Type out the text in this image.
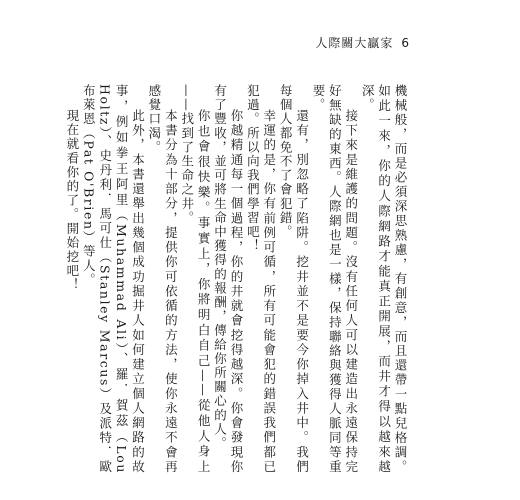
人際關大贏家 6

機械般，而是必須深思熟慮，有創意，而且還帶一點兒格調。如此一來，你的人際網路才能真正開展，而井才得以越來越深。

接下來是維護的問題。沒有任何人可以建造出永遠保持完好無缺的東西。人際網也是一樣，保持聯絡與獲得人脈同等重要。

還有，別忽略了陷阱。挖井並不是要今你掉入井中。我們每個人都免不了會犯錯。

幸運的是，你有前例可循，所有可能會犯的錯誤我們都已犯過。所以向我們學習吧！

你越精通每一個過程，你的井就會挖得越深。你會發現你有了豐收，並可將生命中獲得的報酬，傳給你所關心的人。

你也會很快樂。事實上，你將明白自己——從他人身上——找到了生命之井。

本書分為十部分，提供你可依循的方法，使你永遠不會再感覺口渴。

此外，本書還舉出幾個成功掘井人如何建立個人網路的故事，例如拳王阿里（Muhammad Ali）、羅．賀茲（Lou Holtz）、史丹利．馬可仕（Stanley Marcus）及派特．歐布萊恩（Pat O'Brien）等人。

現在就看你的了。開始挖吧！
